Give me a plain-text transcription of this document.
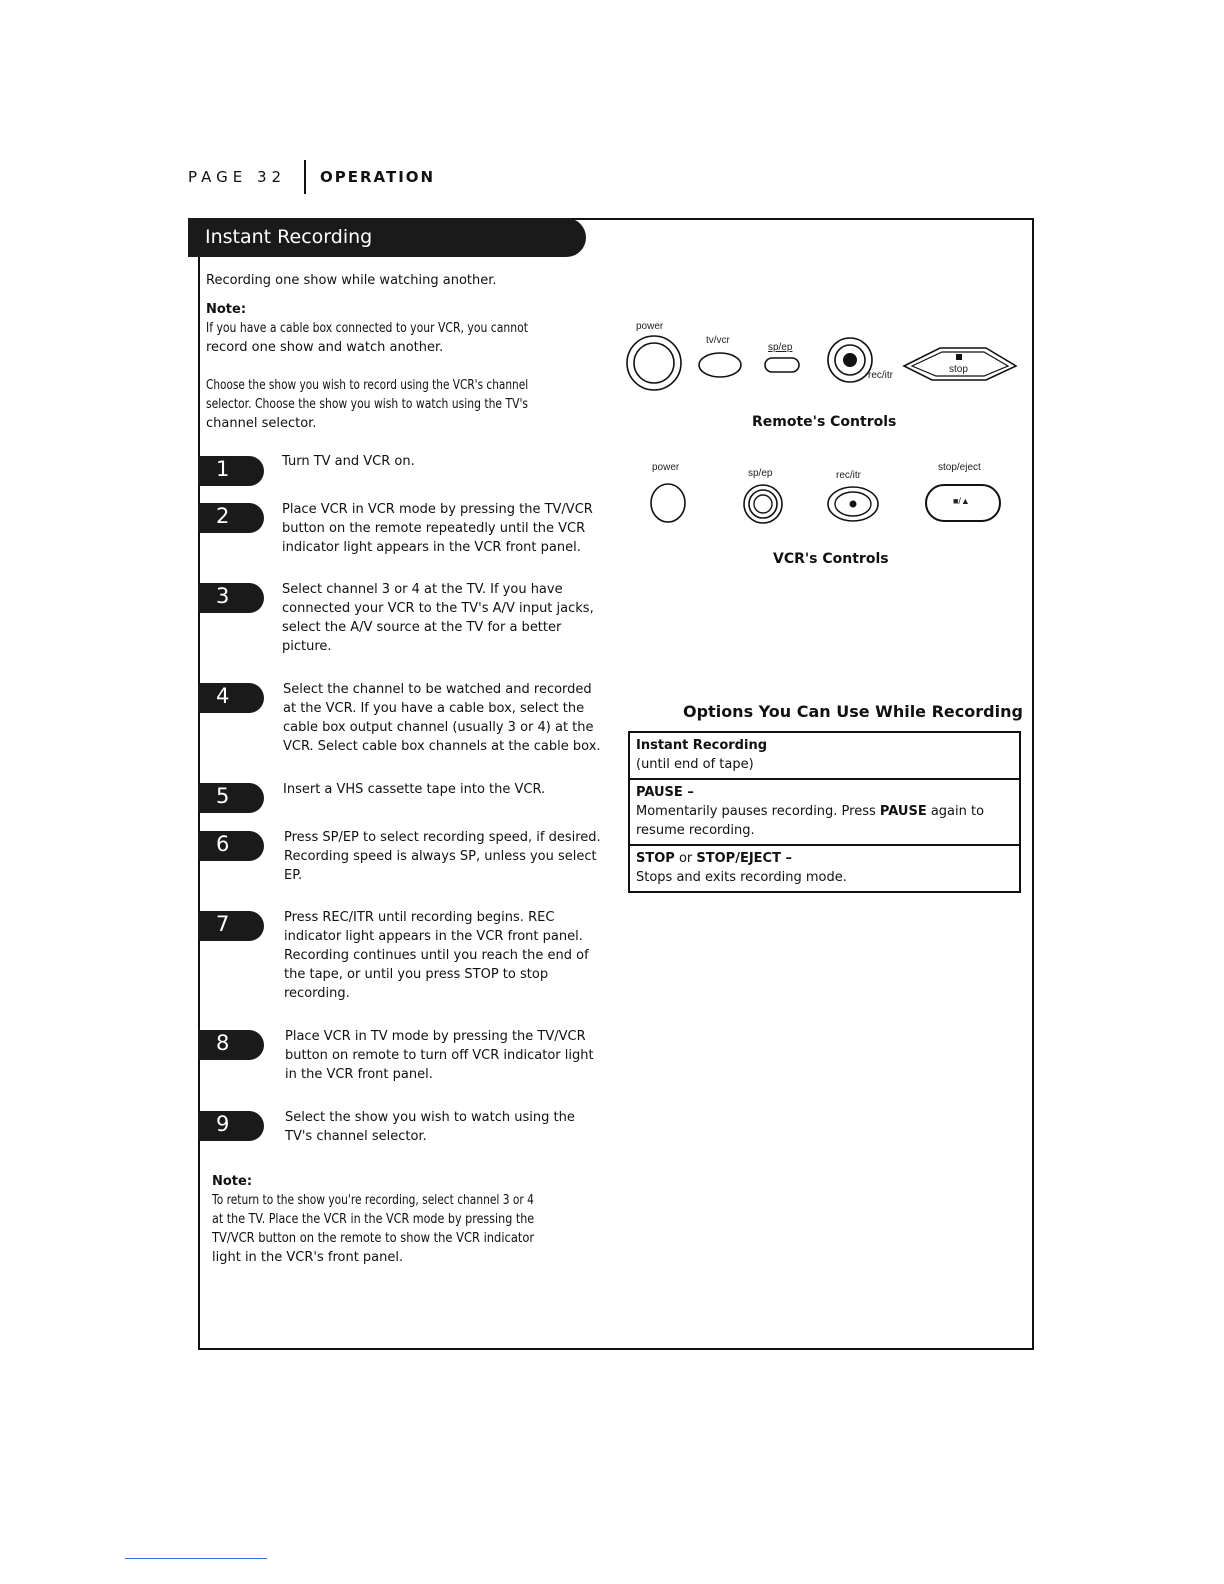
PAGE 32 OPERATION
Instant Recording
Recording one show while watching another.
Note:
If you have a cable box connected to your VCR, you cannot
record one show and watch another.
Choose the show you wish to record using the VCR's channel
selector. Choose the show you wish to watch using the TV's
channel selector.
1	Turn TV and VCR on.
2	Place VCR in VCR mode by pressing the TV/VCR
button on the remote repeatedly until the VCR
indicator light appears in the VCR front panel.
3	Select channel 3 or 4 at the TV. If you have
connected your VCR to the TV's A/V input jacks,
select the A/V source at the TV for a better
picture.
4	Select the channel to be watched and recorded
at the VCR. If you have a cable box, select the
cable box output channel (usually 3 or 4) at the
VCR. Select cable box channels at the cable box.
5	Insert a VHS cassette tape into the VCR.
6	Press SP/EP to select recording speed, if desired.
Recording speed is always SP, unless you select
EP.
7	Press REC/ITR until recording begins. REC
indicator light appears in the VCR front panel.
Recording continues until you reach the end of
the tape, or until you press STOP to stop
recording.
8	Place VCR in TV mode by pressing the TV/VCR
button on remote to turn off VCR indicator light
in the VCR front panel.
9	Select the show you wish to watch using the
TV's channel selector.
Note:
To return to the show you're recording, select channel 3 or 4
at the TV. Place the VCR in the VCR mode by pressing the
TV/VCR button on the remote to show the VCR indicator
light in the VCR's front panel.
power
tv/vcr
sp/ep
rec/itr
stop
Remote's Controls
power
sp/ep	rec/itr
stop/eject
■/▲
VCR's Controls
Options You Can Use While Recording
Instant Recording
(until end of tape)
PAUSE –
Momentarily pauses recording. Press PAUSE again to
resume recording.
STOP or STOP/EJECT –
Stops and exits recording mode.
